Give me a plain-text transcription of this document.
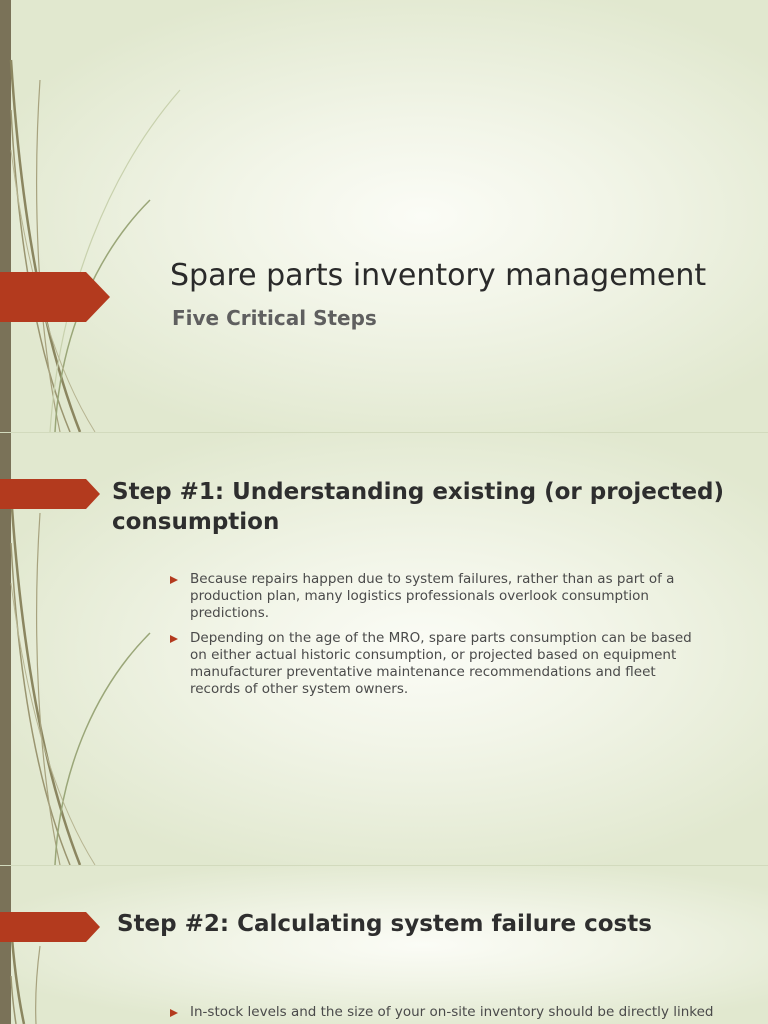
Spare parts inventory management
Five Critical Steps
Step #1: Understanding existing (or projected)
consumption
Because repairs happen due to system failures, rather than as part of a production plan, many logistics professionals overlook consumption predictions.
Depending on the age of the MRO, spare parts consumption can be based on either actual historic consumption, or projected based on equipment manufacturer preventative maintenance recommendations and fleet records of other system owners.
Step #2: Calculating system failure costs
In-stock levels and the size of your on-site inventory should be directly linked
